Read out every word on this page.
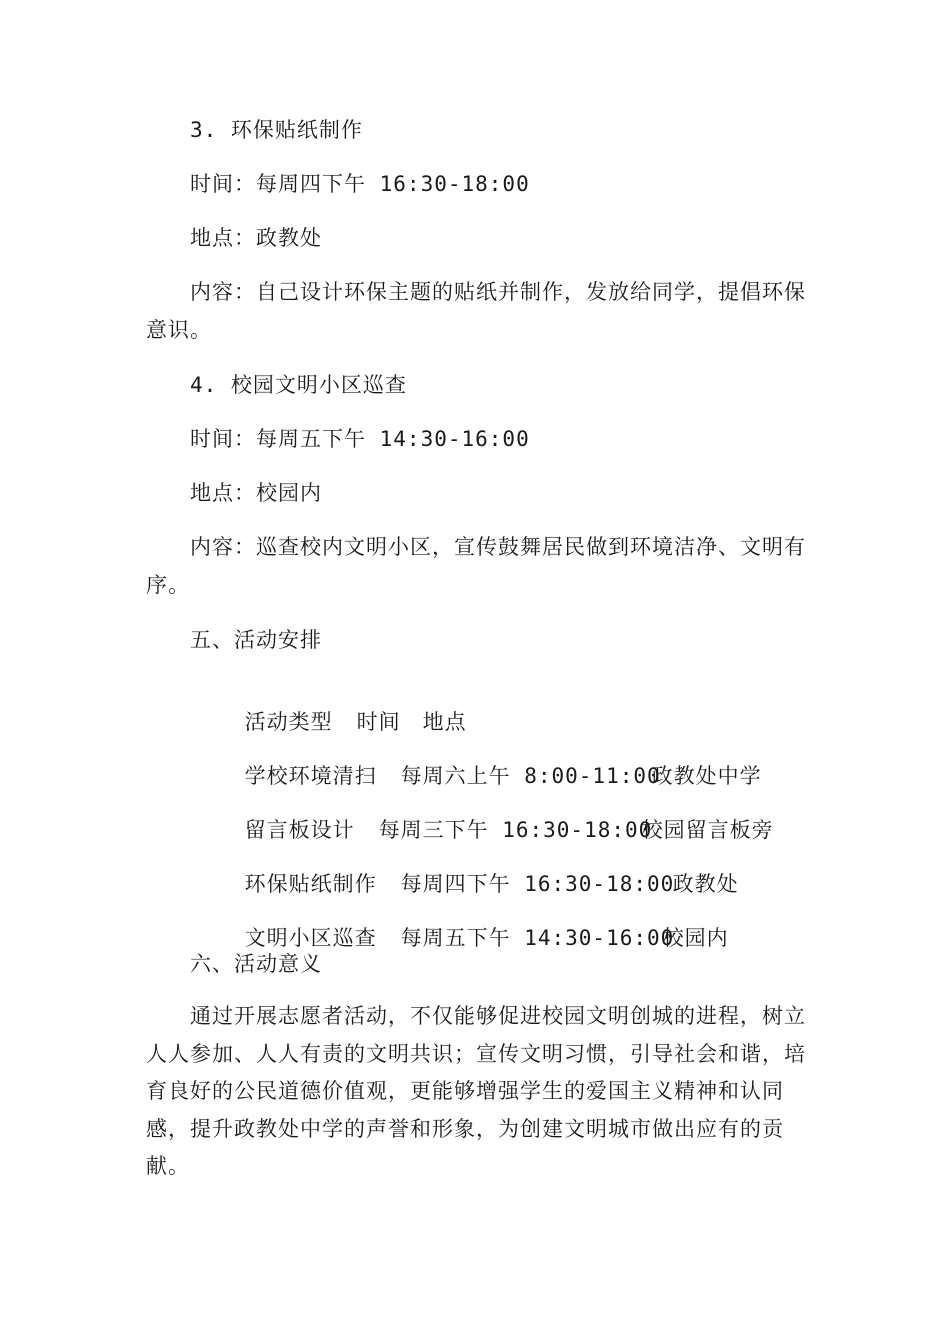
3. 环保贴纸制作
时间：每周四下午 16:30-18:00
地点：政教处
内容：自己设计环保主题的贴纸并制作，发放给同学，提倡环保意识。
4. 校园文明小区巡查
时间：每周五下午 14:30-16:00
地点：校园内
内容：巡查校内文明小区，宣传鼓舞居民做到环境洁净、文明有序。
五、活动安排

活动类型 时间 地点

学校环境清扫 每周六上午 8:00-11:00政教处中学

留言板设计 每周三下午 16:30-18:00校园留言板旁

环保贴纸制作 每周四下午 16:30-18:00政教处

文明小区巡查 每周五下午 14:30-16:00校园内

六、活动意义
通过开展志愿者活动，不仅能够促进校园文明创城的进程，树立人人参加、人人有责的文明共识；宣传文明习惯，引导社会和谐，培育良好的公民道德价值观，更能够增强学生的爱国主义精神和认同感，提升政教处中学的声誉和形象，为创建文明城市做出应有的贡献。
